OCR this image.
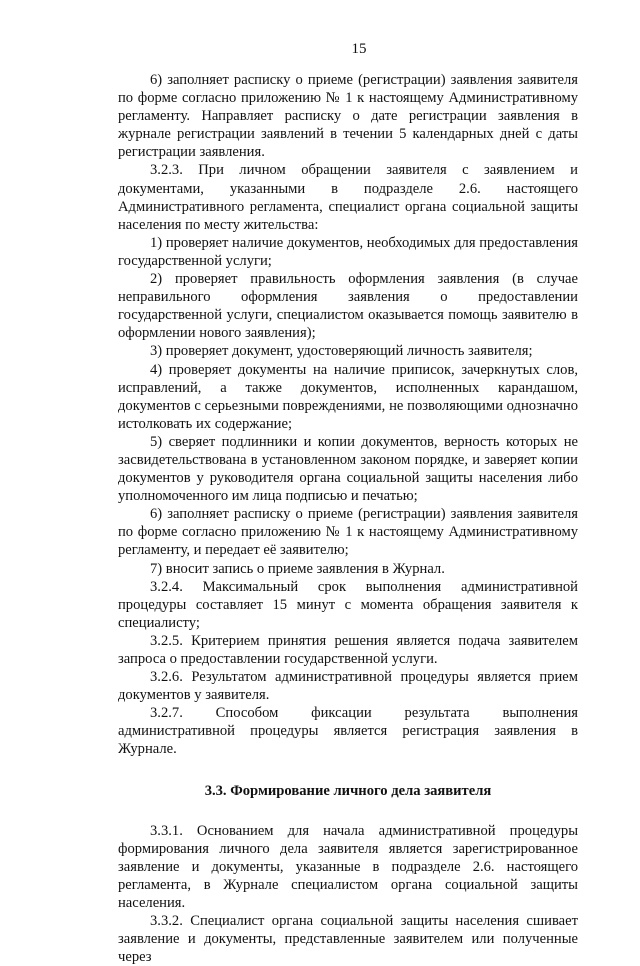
15

6) заполняет расписку о приеме (регистрации) заявления заявителя по форме согласно приложению № 1 к настоящему Административному регламенту. Направляет расписку о дате регистрации заявления в журнале регистрации заявлений в течении 5 календарных дней с даты регистрации заявления.

3.2.3. При личном обращении заявителя с заявлением и документами, указанными в подразделе 2.6. настоящего Административного регламента, специалист органа социальной защиты населения по месту жительства:

1) проверяет наличие документов, необходимых для предоставления государственной услуги;

2) проверяет правильность оформления заявления (в случае неправильного оформления заявления о предоставлении государственной услуги, специалистом оказывается помощь заявителю в оформлении нового заявления);

3) проверяет документ, удостоверяющий личность заявителя;

4) проверяет документы на наличие приписок, зачеркнутых слов, исправлений, а также документов, исполненных карандашом, документов с серьезными повреждениями, не позволяющими однозначно истолковать их содержание;

5) сверяет подлинники и копии документов, верность которых не засвидетельствована в установленном законом порядке, и заверяет копии документов у руководителя органа социальной защиты населения либо уполномоченного им лица подписью и печатью;

6) заполняет расписку о приеме (регистрации) заявления заявителя по форме согласно приложению № 1 к настоящему Административному регламенту, и передает её заявителю;

7) вносит запись о приеме заявления в Журнал.

3.2.4. Максимальный срок выполнения административной процедуры составляет 15 минут с момента обращения заявителя к специалисту;

3.2.5. Критерием принятия решения является подача заявителем запроса о предоставлении государственной услуги.

3.2.6. Результатом административной процедуры является прием документов у заявителя.

3.2.7. Способом фиксации результата выполнения административной процедуры является регистрация заявления в Журнале.

3.3. Формирование личного дела заявителя

3.3.1. Основанием для начала административной процедуры формирования личного дела заявителя является зарегистрированное заявление и документы, указанные в подразделе 2.6. настоящего регламента, в Журнале специалистом органа социальной защиты населения.

3.3.2. Специалист органа социальной защиты населения сшивает заявление и документы, представленные заявителем или полученные через
